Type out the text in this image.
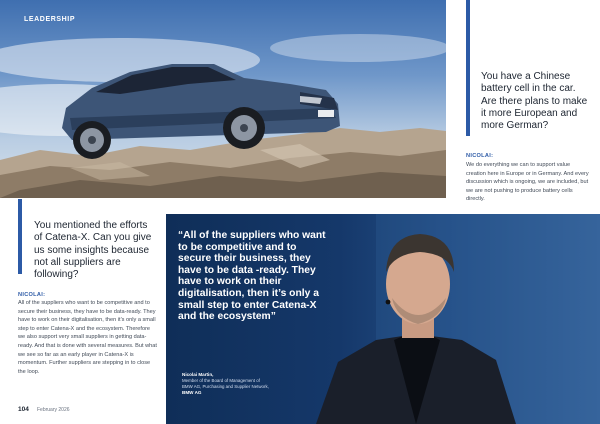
LEADERSHIP
You have a Chinese battery cell in the car. Are there plans to make it more European and more German?
NICOLAI:
We do everything we can to support value creation here in Europe or in Germany. And every discussion which is ongoing, we are included, but we are not pushing to produce battery cells directly.
You mentioned the efforts of Catena-X. Can you give us some insights because not all suppliers are following?
NICOLAI:
All of the suppliers who want to be competitive and to secure their business, they have to be data-ready. They have to work on their digitalisation, then it's only a small step to enter Catena-X and the ecosystem. Therefore we also support very small suppliers in getting data-ready. And that is done with several measures. But what we see so far as an early player in Catena-X is momentum. Further suppliers are stepping in to close the loop.
104 February 2026
“All of the suppliers who want to be competitive and to secure their business, they have to be data -ready. They have to work on their digitalisation, then it’s only a small step to enter Catena-X and the ecosystem”
Nicolai Martin,
Member of the Board of Management of
BMW AG, Purchasing and Supplier Network,
BMW AG
